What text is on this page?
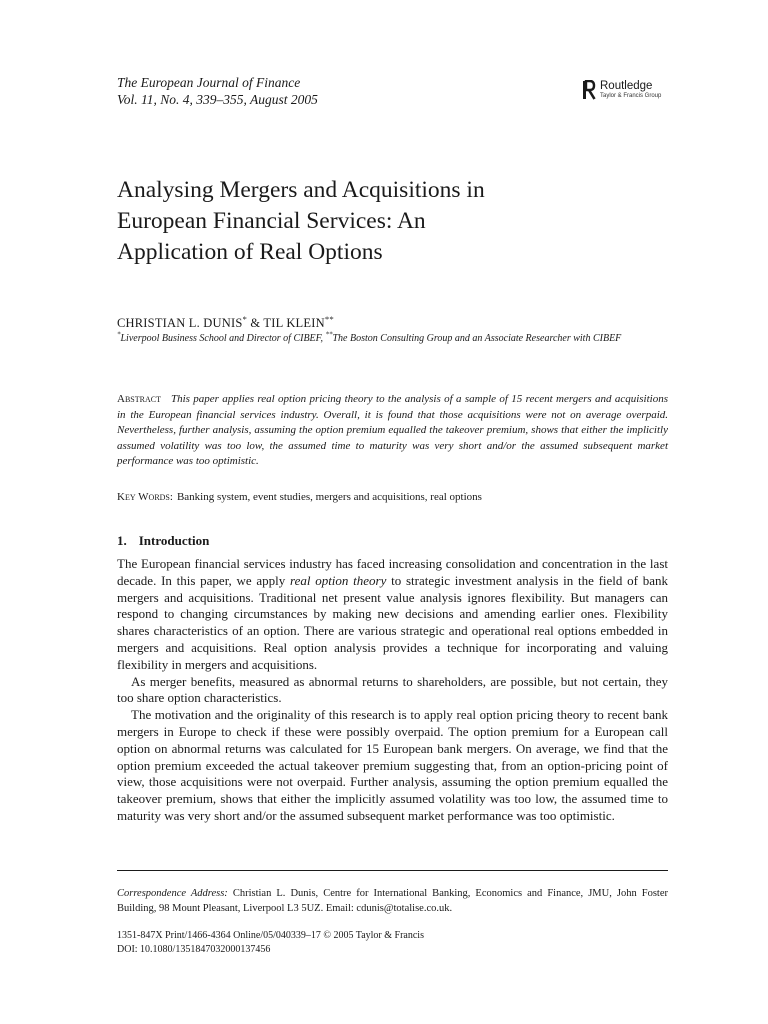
The European Journal of Finance
Vol. 11, No. 4, 339–355, August 2005
Routledge
Taylor & Francis Group
Analysing Mergers and Acquisitions in
European Financial Services: An
Application of Real Options
CHRISTIAN L. DUNIS* & TIL KLEIN**
*Liverpool Business School and Director of CIBEF, **The Boston Consulting Group and an Associate Researcher with CIBEF
Abstract This paper applies real option pricing theory to the analysis of a sample of 15 recent mergers and acquisitions in the European financial services industry. Overall, it is found that those acquisitions were not on average overpaid. Nevertheless, further analysis, assuming the option premium equalled the takeover premium, shows that either the implicitly assumed volatility was too low, the assumed time to maturity was very short and/or the assumed subsequent market performance was too optimistic.
Key Words: Banking system, event studies, mergers and acquisitions, real options
1. Introduction

The European financial services industry has faced increasing consolidation and concentration in the last decade. In this paper, we apply real option theory to strategic investment analysis in the field of bank mergers and acquisitions. Traditional net present value analysis ignores flexibility. But managers can respond to changing circumstances by making new decisions and amending earlier ones. Flexibility shares characteristics of an option. There are various strategic and operational real options embedded in mergers and acquisitions. Real option analysis provides a technique for incorporating and valuing flexibility in mergers and acquisitions.

As merger benefits, measured as abnormal returns to shareholders, are possible, but not certain, they too share option characteristics.

The motivation and the originality of this research is to apply real option pricing theory to recent bank mergers in Europe to check if these were possibly overpaid. The option premium for a European call option on abnormal returns was calculated for 15 European bank mergers. On average, we find that the option premium exceeded the actual takeover premium suggesting that, from an option-pricing point of view, those acquisitions were not overpaid. Further analysis, assuming the option premium equalled the takeover premium, shows that either the implicitly assumed volatility was too low, the assumed time to maturity was very short and/or the assumed subsequent market performance was too optimistic.

Correspondence Address: Christian L. Dunis, Centre for International Banking, Economics and Finance, JMU, John Foster Building, 98 Mount Pleasant, Liverpool L3 5UZ. Email: cdunis@totalise.co.uk.
1351-847X Print/1466-4364 Online/05/040339–17 © 2005 Taylor & Francis
DOI: 10.1080/1351847032000137456
